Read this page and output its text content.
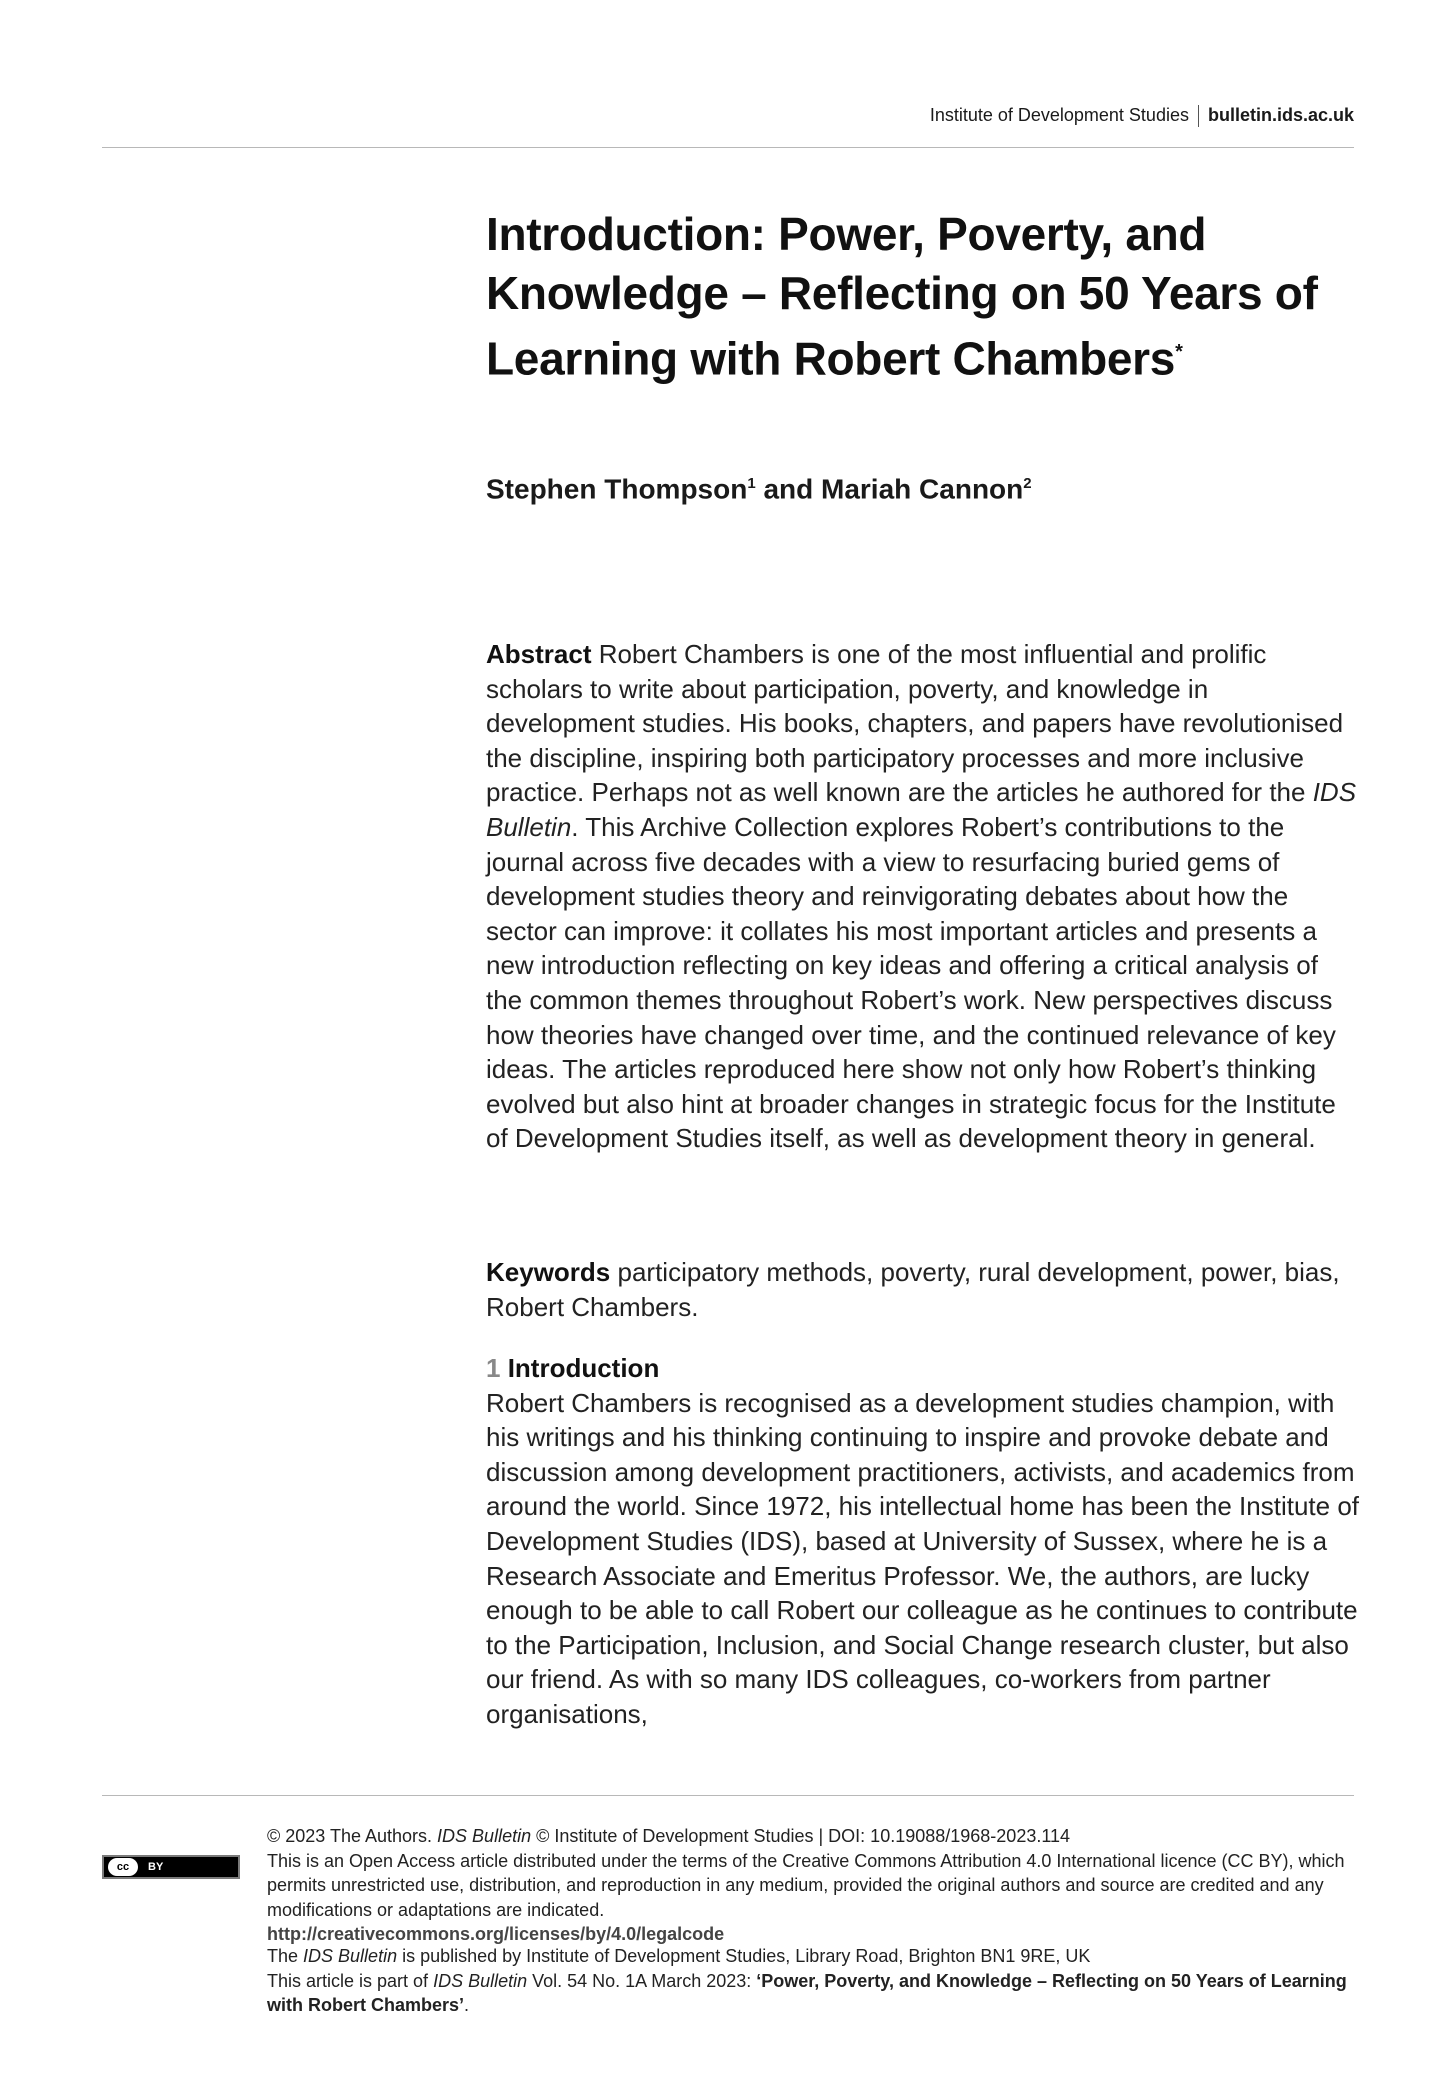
Institute of Development Studies bulletin.ids.ac.uk
Introduction: Power, Poverty, and Knowledge – Reflecting on 50 Years of Learning with Robert Chambers*

Stephen Thompson$^1$ and Mariah Cannon$^2$

Abstract Robert Chambers is one of the most influential and prolific scholars to write about participation, poverty, and knowledge in development studies. His books, chapters, and papers have revolutionised the discipline, inspiring both participatory processes and more inclusive practice. Perhaps not as well known are the articles he authored for the IDS Bulletin. This Archive Collection explores Robert’s contributions to the journal across five decades with a view to resurfacing buried gems of development studies theory and reinvigorating debates about how the sector can improve: it collates his most important articles and presents a new introduction reflecting on key ideas and offering a critical analysis of the common themes throughout Robert’s work. New perspectives discuss how theories have changed over time, and the continued relevance of key ideas. The articles reproduced here show not only how Robert’s thinking evolved but also hint at broader changes in strategic focus for the Institute of Development Studies itself, as well as development theory in general.

Keywords participatory methods, poverty, rural development, power, bias, Robert Chambers.

1 Introduction

Robert Chambers is recognised as a development studies champion, with his writings and his thinking continuing to inspire and provoke debate and discussion among development practitioners, activists, and academics from around the world. Since 1972, his intellectual home has been the Institute of Development Studies (IDS), based at University of Sussex, where he is a Research Associate and Emeritus Professor. We, the authors, are lucky enough to be able to call Robert our colleague as he continues to contribute to the Participation, Inclusion, and Social Change research cluster, but also our friend. As with so many IDS colleagues, co-workers from partner organisations,

cc	BY

© 2023 The Authors. IDS Bulletin © Institute of Development Studies | DOI: 10.19088/1968-2023.114

This is an Open Access article distributed under the terms of the Creative Commons Attribution 4.0 International licence (CC BY), which permits unrestricted use, distribution, and reproduction in any medium, provided the original authors and source are credited and any modifications or adaptations are indicated.

http://creativecommons.org/licenses/by/4.0/legalcode

The IDS Bulletin is published by Institute of Development Studies, Library Road, Brighton BN1 9RE, UK

This article is part of IDS Bulletin Vol. 54 No. 1A March 2023: ‘Power, Poverty, and Knowledge – Reflecting on 50 Years of Learning with Robert Chambers’.
